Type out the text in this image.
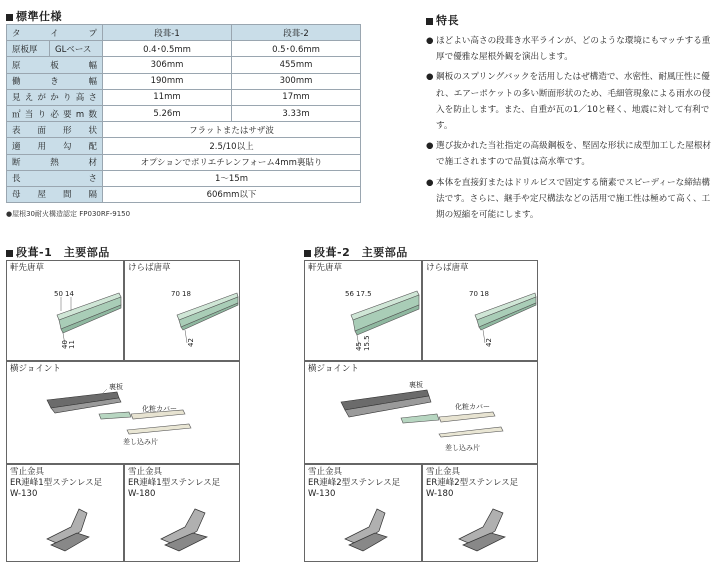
標準仕様
タ イ プ		段葺-1	段葺-2
原板厚	GLベース	0.4･0.5mm	0.5･0.6mm
原 板 幅		306mm	455mm
働 き 幅		190mm	300mm
見えがかり高さ		11mm	17mm
㎡当り必要m数		5.26m	3.33m
表 面 形 状		フラットまたはサザ波	
適 用 勾 配		2.5/10以上	
断 熱 材		オプションでポリエチレンフォーム4mm裏貼り	
長 さ		1～15m	
母 屋 間 隔		606mm以下	
●屋根30耐火構造認定 FP030RF-9150
特長
● ほどよい高さの段葺き水平ラインが、どのような環境にもマッチする重厚で優雅な屋根外観を演出します。
● 鋼板のスプリングバックを活用したはぜ構造で、水密性、耐風圧性に優れ、エアーポケットの多い断面形状のため、毛細管現象による雨水の侵入を防止します。また、自重が瓦の1／10と軽く、地震に対して有利です。
● 選び抜かれた当社指定の高級鋼板を、堅固な形状に成型加工した屋根材で施工されますので品質は高水準です。
● 本体を直接釘またはドリルビスで固定する簡素でスピーディーな締結構法です。さらに、継手や定尺構法などの活用で施工性は極めて高く、工期の短縮を可能にします。
段葺-1　主要部品
軒先唐草
50 14
40 11
けらば唐草
70 18
42
横ジョイント
裏板
化粧カバー
差し込み片
雪止金具
ER連峰1型ステンレス足
W-130
雪止金具
ER連峰1型ステンレス足
W-180
段葺-2　主要部品
軒先唐草
56 17.5
45 15.5
けらば唐草
70 18
42
横ジョイント
裏板
化粧カバー
差し込み片
雪止金具
ER連峰2型ステンレス足
W-130
雪止金具
ER連峰2型ステンレス足
W-180
